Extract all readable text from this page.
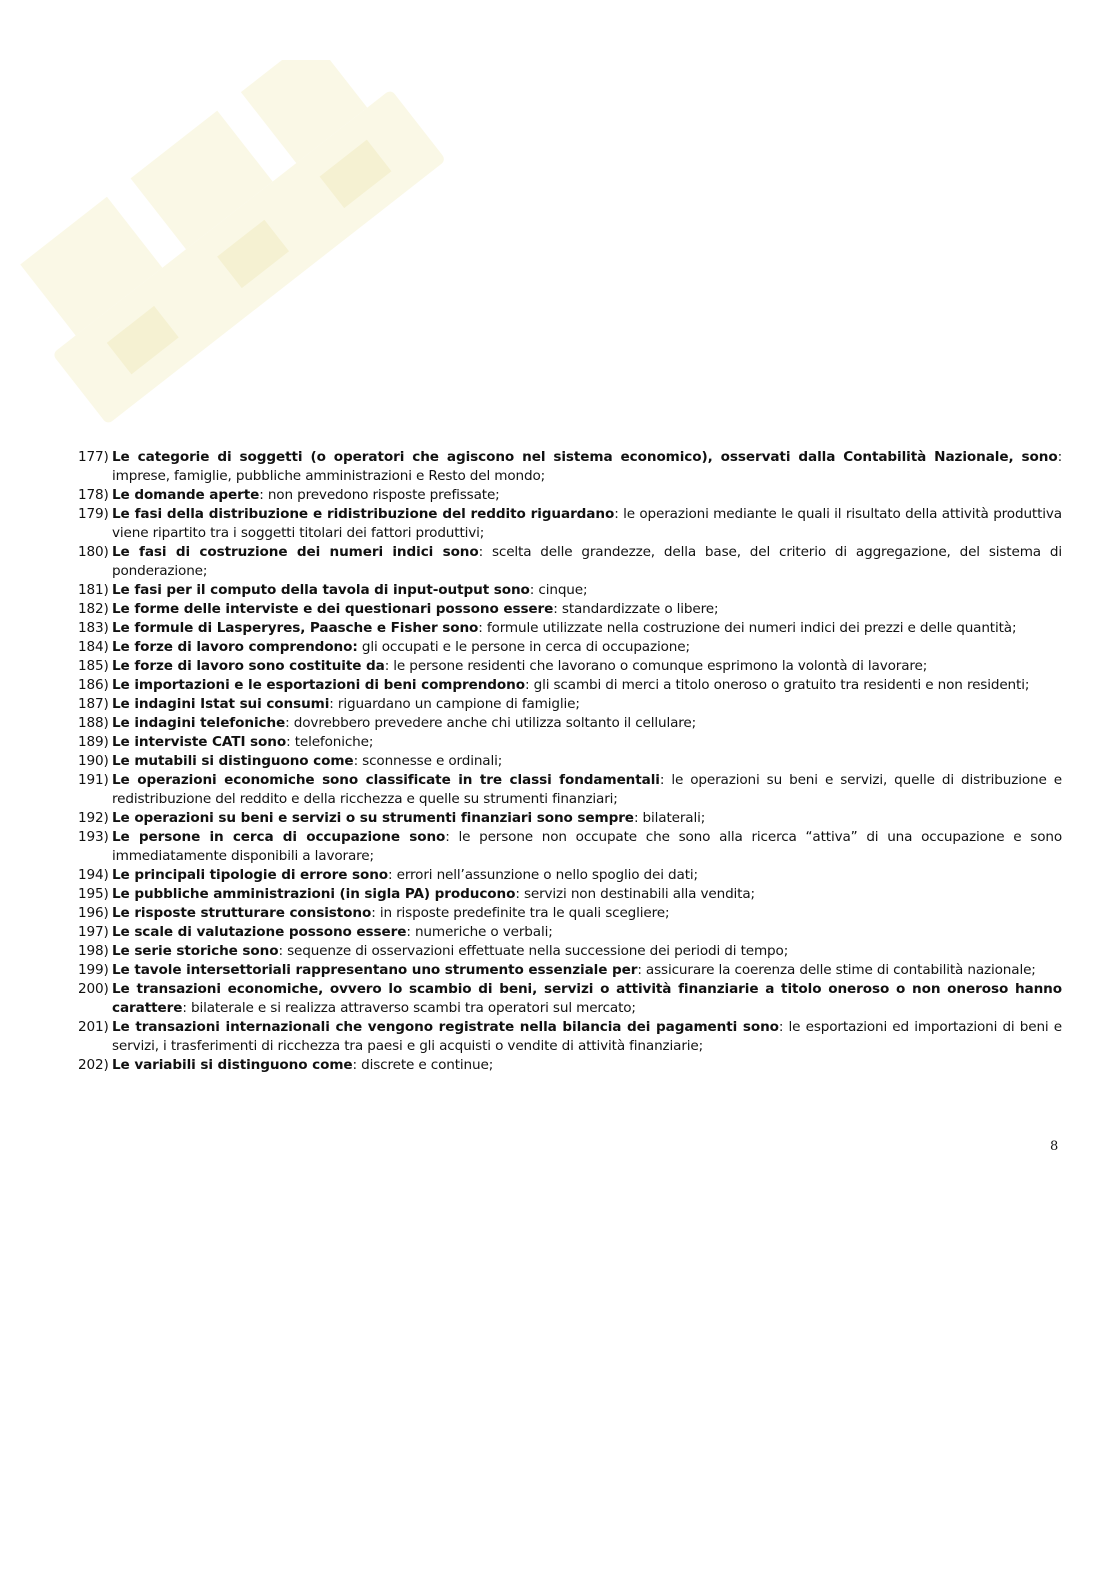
177) Le categorie di soggetti (o operatori che agiscono nel sistema economico), osservati dalla Contabilità Nazionale, sono: imprese, famiglie, pubbliche amministrazioni e Resto del mondo;
178) Le domande aperte: non prevedono risposte prefissate;
179) Le fasi della distribuzione e ridistribuzione del reddito riguardano: le operazioni mediante le quali il risultato della attività produttiva viene ripartito tra i soggetti titolari dei fattori produttivi;
180) Le fasi di costruzione dei numeri indici sono: scelta delle grandezze, della base, del criterio di aggregazione, del sistema di ponderazione;
181) Le fasi per il computo della tavola di input-output sono: cinque;
182) Le forme delle interviste e dei questionari possono essere: standardizzate o libere;
183) Le formule di Lasperyres, Paasche e Fisher sono: formule utilizzate nella costruzione dei numeri indici dei prezzi e delle quantità;
184) Le forze di lavoro comprendono: gli occupati e le persone in cerca di occupazione;
185) Le forze di lavoro sono costituite da: le persone residenti che lavorano o comunque esprimono la volontà di lavorare;
186) Le importazioni e le esportazioni di beni comprendono: gli scambi di merci a titolo oneroso o gratuito tra residenti e non residenti;
187) Le indagini Istat sui consumi: riguardano un campione di famiglie;
188) Le indagini telefoniche: dovrebbero prevedere anche chi utilizza soltanto il cellulare;
189) Le interviste CATI sono: telefoniche;
190) Le mutabili si distinguono come: sconnesse e ordinali;
191) Le operazioni economiche sono classificate in tre classi fondamentali: le operazioni su beni e servizi, quelle di distribuzione e redistribuzione del reddito e della ricchezza e quelle su strumenti finanziari;
192) Le operazioni su beni e servizi o su strumenti finanziari sono sempre: bilaterali;
193) Le persone in cerca di occupazione sono: le persone non occupate che sono alla ricerca “attiva” di una occupazione e sono immediatamente disponibili a lavorare;
194) Le principali tipologie di errore sono: errori nell’assunzione o nello spoglio dei dati;
195) Le pubbliche amministrazioni (in sigla PA) producono: servizi non destinabili alla vendita;
196) Le risposte strutturare consistono: in risposte predefinite tra le quali scegliere;
197) Le scale di valutazione possono essere: numeriche o verbali;
198) Le serie storiche sono: sequenze di osservazioni effettuate nella successione dei periodi di tempo;
199) Le tavole intersettoriali rappresentano uno strumento essenziale per: assicurare la coerenza delle stime di contabilità nazionale;
200) Le transazioni economiche, ovvero lo scambio di beni, servizi o attività finanziarie a titolo oneroso o non oneroso hanno carattere: bilaterale e si realizza attraverso scambi tra operatori sul mercato;
201) Le transazioni internazionali che vengono registrate nella bilancia dei pagamenti sono: le esportazioni ed importazioni di beni e servizi, i trasferimenti di ricchezza tra paesi e gli acquisti o vendite di attività finanziarie;
202) Le variabili si distinguono come: discrete e continue;
8
